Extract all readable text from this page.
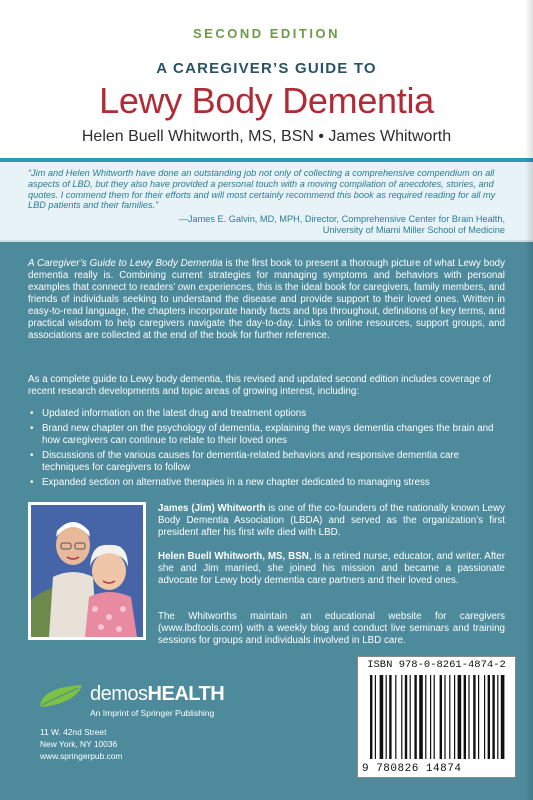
SECOND EDITION
A CAREGIVER’S GUIDE TO
Lewy Body Dementia
Helen Buell Whitworth, MS, BSN • James Whitworth
“Jim and Helen Whitworth have done an outstanding job not only of collecting a comprehensive compendium on all aspects of LBD, but they also have provided a personal touch with a moving compilation of anecdotes, stories, and quotes. I commend them for their efforts and will most certainly recommend this book as required reading for all my LBD patients and their families.”
—James E. Galvin, MD, MPH, Director, Comprehensive Center for Brain Health,
University of Miami Miller School of Medicine

A Caregiver’s Guide to Lewy Body Dementia is the first book to present a thorough picture of what Lewy body dementia really is. Combining current strategies for managing symptoms and behaviors with personal examples that connect to readers’ own experiences, this is the ideal book for caregivers, family members, and friends of individuals seeking to understand the disease and provide support to their loved ones. Written in easy-to-read language, the chapters incorporate handy facts and tips throughout, definitions of key terms, and practical wisdom to help caregivers navigate the day-to-day. Links to online resources, support groups, and associations are collected at the end of the book for further reference.

As a complete guide to Lewy body dementia, this revised and updated second edition includes coverage of recent research developments and topic areas of growing interest, including:

• Updated information on the latest drug and treatment options
• Brand new chapter on the psychology of dementia, explaining the ways dementia changes the brain and how caregivers can continue to relate to their loved ones
• Discussions of the various causes for dementia-related behaviors and responsive dementia care techniques for caregivers to follow
• Expanded section on alternative therapies in a new chapter dedicated to managing stress

James (Jim) Whitworth is one of the co-founders of the nationally known Lewy Body Dementia Association (LBDA) and served as the organization’s first president after his first wife died with LBD.

Helen Buell Whitworth, MS, BSN, is a retired nurse, educator, and writer. After she and Jim married, she joined his mission and became a passionate advocate for Lewy body dementia care partners and their loved ones.

The Whitworths maintain an educational website for caregivers (www.lbdtools.com) with a weekly blog and conduct live seminars and training sessions for groups and individuals involved in LBD care.

demosHEALTH
An Imprint of Springer Publishing
11 W. 42nd Street
New York, NY 10036
www.springerpub.com
ISBN 978-0-8261-4874-2
9 780826 14874
